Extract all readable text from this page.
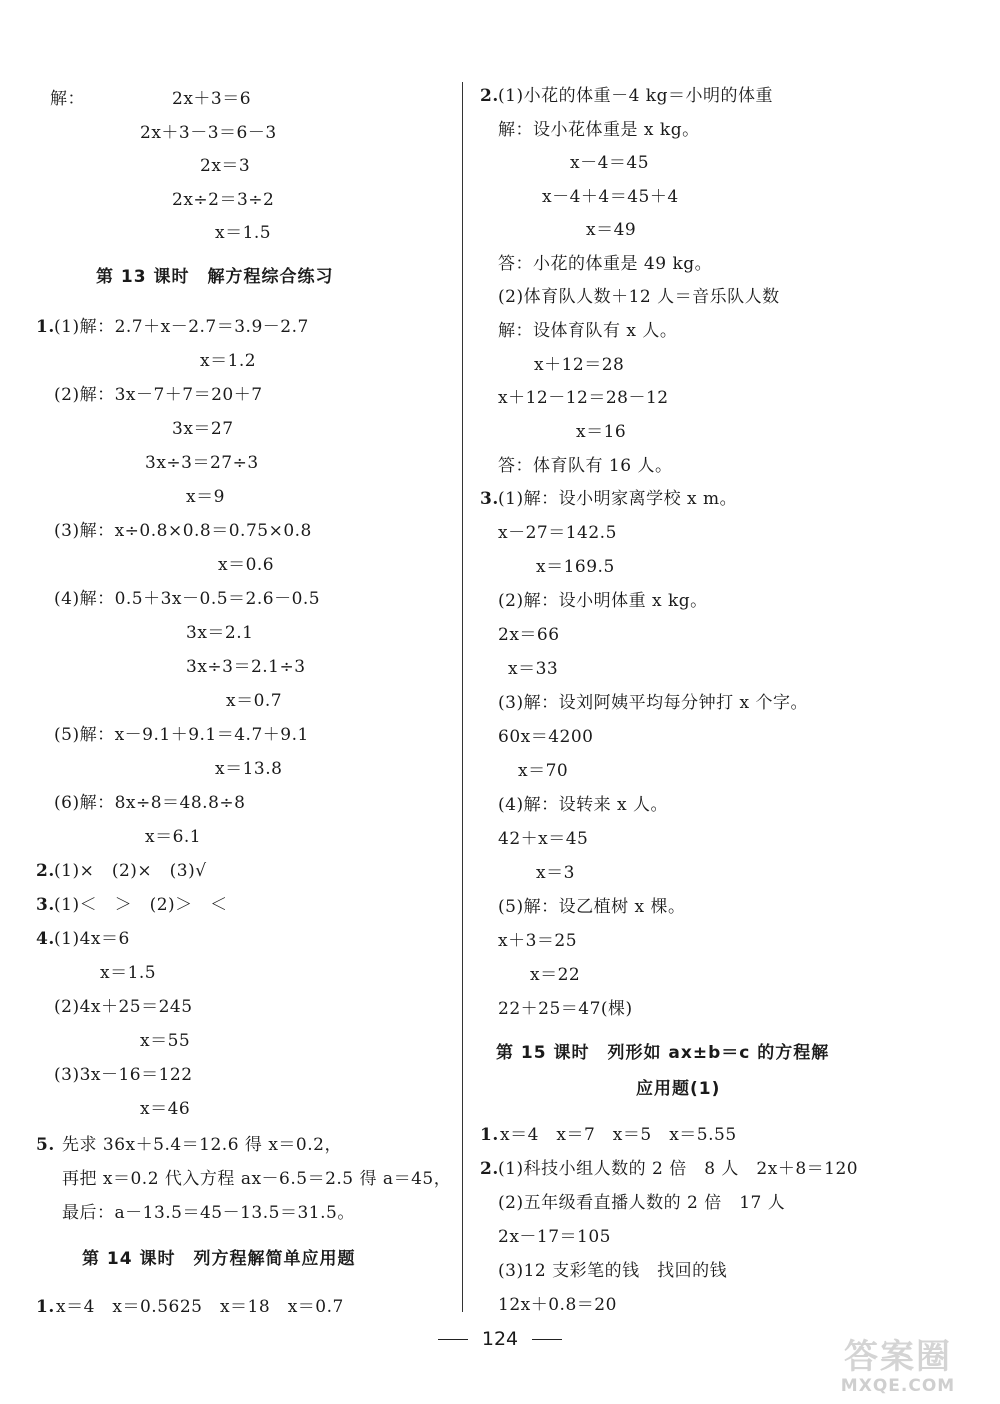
解：	2x＋3＝6
2x＋3－3＝6－3
2x＝3
2x÷2＝3÷2
x＝1.5
第 13 课时　解方程综合练习
1. (1)解：2.7＋x－2.7＝3.9－2.7
x＝1.2
(2)解：3x－7＋7＝20＋7
3x＝27
3x÷3＝27÷3
x＝9
(3)解：x÷0.8×0.8＝0.75×0.8
x＝0.6
(4)解：0.5＋3x－0.5＝2.6－0.5
3x＝2.1
3x÷3＝2.1÷3
x＝0.7
(5)解：x－9.1＋9.1＝4.7＋9.1
x＝13.8
(6)解：8x÷8＝48.8÷8
x＝6.1
2. (1)×　(2)×　(3)√
3. (1)＜　＞　(2)＞　＜
4. (1)4x＝6
x＝1.5
(2)4x＋25＝245
x＝55
(3)3x－16＝122
x＝46
5. 先求 36x＋5.4＝12.6 得 x＝0.2，
再把 x＝0.2 代入方程 ax－6.5＝2.5 得 a＝45，
最后：a－13.5＝45－13.5＝31.5。
第 14 课时　列方程解简单应用题
1. x＝4　x＝0.5625　x＝18　x＝0.7
2. (1)小花的体重－4 kg＝小明的体重
解：设小花体重是 x kg。
x－4＝45
x－4＋4＝45＋4
x＝49
答：小花的体重是 49 kg。
(2)体育队人数＋12 人＝音乐队人数
解：设体育队有 x 人。
x＋12＝28
x＋12－12＝28－12
x＝16
答：体育队有 16 人。
3. (1)解：设小明家离学校 x m。
x－27＝142.5
x＝169.5
(2)解：设小明体重 x kg。
2x＝66
x＝33
(3)解：设刘阿姨平均每分钟打 x 个字。
60x＝4200
x＝70
(4)解：设转来 x 人。
42＋x＝45
x＝3
(5)解：设乙植树 x 棵。
x＋3＝25
x＝22
22＋25＝47(棵)
第 15 课时　列形如 ax±b＝c 的方程解
应用题(1)
1. x＝4　x＝7　x＝5　x＝5.55
2. (1)科技小组人数的 2 倍　8 人　2x＋8＝120
(2)五年级看直播人数的 2 倍　17 人
2x－17＝105
(3)12 支彩笔的钱　找回的钱
12x＋0.8＝20
124	答案圈
MXQE.COM
